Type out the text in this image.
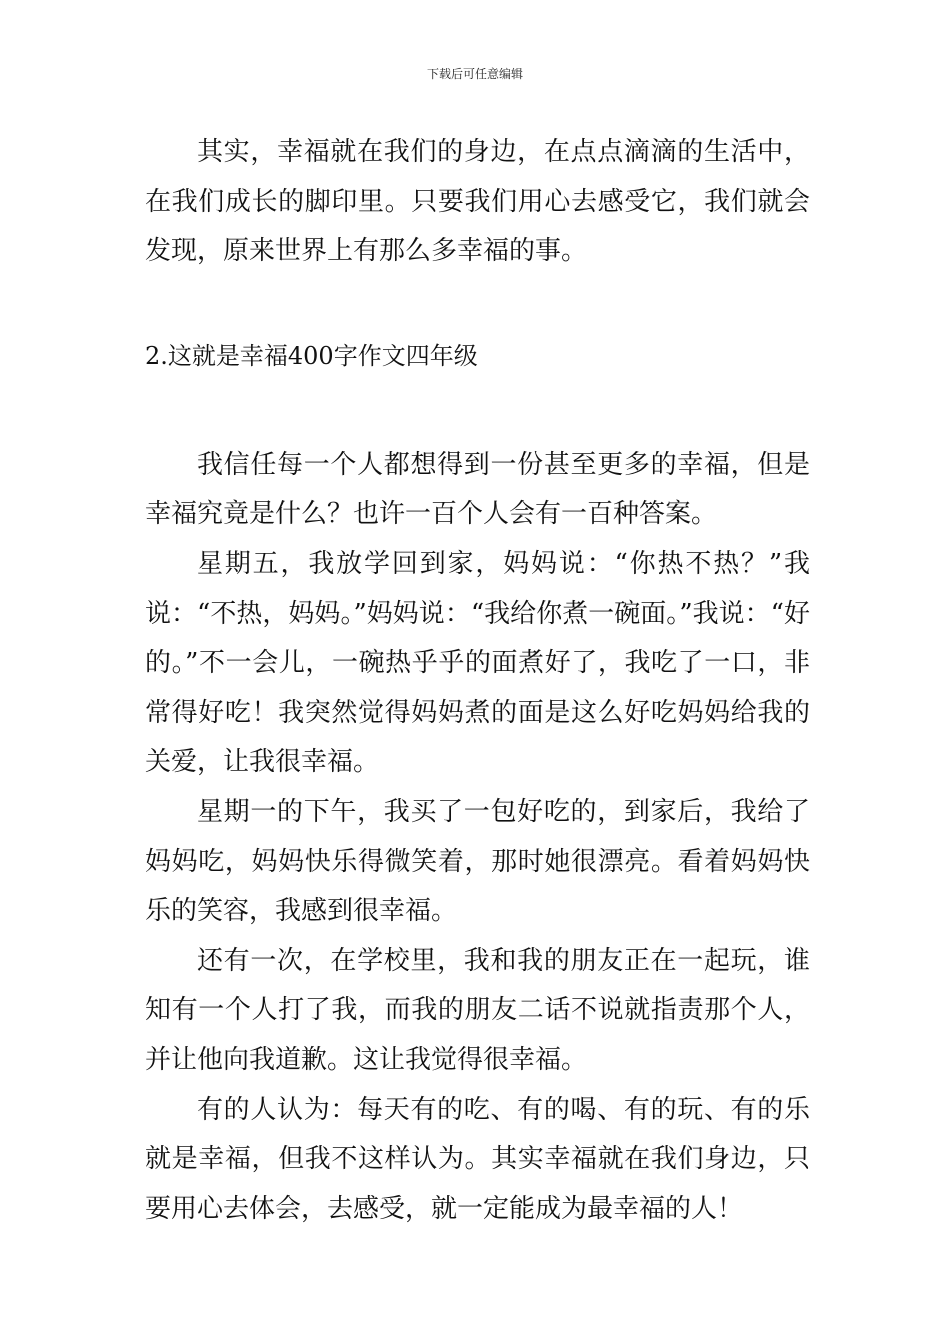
下载后可任意编辑

其实，幸福就在我们的身边，在点点滴滴的生活中，在我们成长的脚印里。只要我们用心去感受它，我们就会发现，原来世界上有那么多幸福的事。

2.这就是幸福400字作文四年级

我信任每一个人都想得到一份甚至更多的幸福，但是幸福究竟是什么？也许一百个人会有一百种答案。

星期五，我放学回到家，妈妈说：“你热不热？”我说：“不热，妈妈。”妈妈说：“我给你煮一碗面。”我说：“好的。”不一会儿，一碗热乎乎的面煮好了，我吃了一口，非常得好吃！我突然觉得妈妈煮的面是这么好吃妈妈给我的关爱，让我很幸福。

星期一的下午，我买了一包好吃的，到家后，我给了妈妈吃，妈妈快乐得微笑着，那时她很漂亮。看着妈妈快乐的笑容，我感到很幸福。

还有一次，在学校里，我和我的朋友正在一起玩，谁知有一个人打了我，而我的朋友二话不说就指责那个人，并让他向我道歉。这让我觉得很幸福。

有的人认为：每天有的吃、有的喝、有的玩、有的乐就是幸福，但我不这样认为。其实幸福就在我们身边，只要用心去体会，去感受，就一定能成为最幸福的人！
